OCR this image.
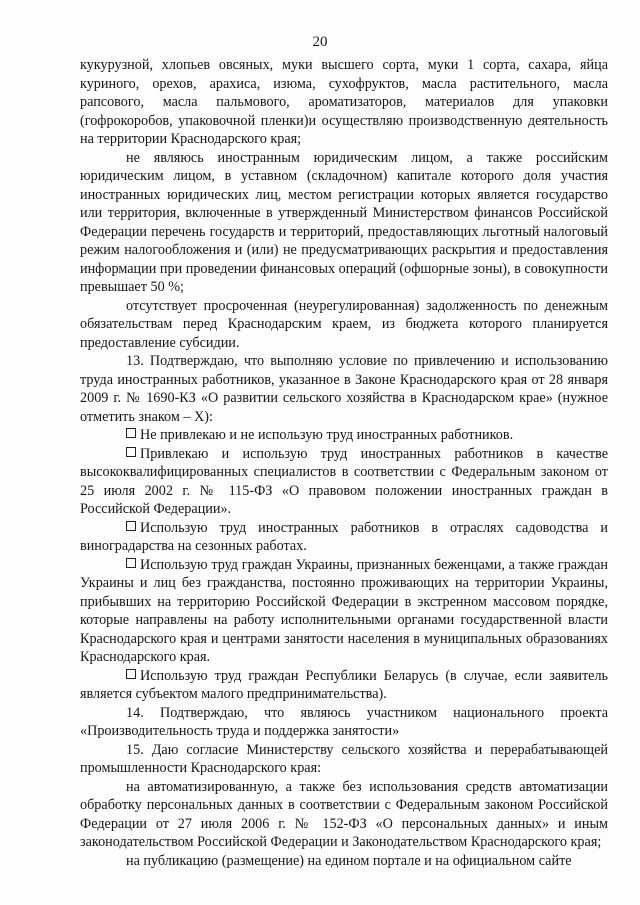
20

кукурузной, хлопьев овсяных, муки высшего сорта, муки 1 сорта, сахара, яйца куриного, орехов, арахиса, изюма, сухофруктов, масла растительного, масла рапсового, масла пальмового, ароматизаторов, материалов для упаковки (гофрокоробов, упаковочной пленки)и осуществляю производственную деятельность на территории Краснодарского края;

не являюсь иностранным юридическим лицом, а также российским юридическим лицом, в уставном (складочном) капитале которого доля участия иностранных юридических лиц, местом регистрации которых является государство или территория, включенные в утвержденный Министерством финансов Российской Федерации перечень государств и территорий, предоставляющих льготный налоговый режим налогообложения и (или) не предусматривающих раскрытия и предоставления информации при проведении финансовых операций (офшорные зоны), в совокупности превышает 50 %;

отсутствует просроченная (неурегулированная) задолженность по денежным обязательствам перед Краснодарским краем, из бюджета которого планируется предоставление субсидии.

13. Подтверждаю, что выполняю условие по привлечению и использованию труда иностранных работников, указанное в Законе Краснодарского края от 28 января 2009 г. № 1690-КЗ «О развитии сельского хозяйства в Краснодарском крае» (нужное отметить знаком – X):

Не привлекаю и не использую труд иностранных работников.

Привлекаю и использую труд иностранных работников в качестве высококвалифицированных специалистов в соответствии с Федеральным законом от 25 июля 2002 г. № 115-ФЗ «О правовом положении иностранных граждан в Российской Федерации».

Использую труд иностранных работников в отраслях садоводства и виноградарства на сезонных работах.

Использую труд граждан Украины, признанных беженцами, а также граждан Украины и лиц без гражданства, постоянно проживающих на территории Украины, прибывших на территорию Российской Федерации в экстренном массовом порядке, которые направлены на работу исполнительными органами государственной власти Краснодарского края и центрами занятости населения в муниципальных образованиях Краснодарского края.

Использую труд граждан Республики Беларусь (в случае, если заявитель является субъектом малого предпринимательства).

14. Подтверждаю, что являюсь участником национального проекта «Производительность труда и поддержка занятости»

15. Даю согласие Министерству сельского хозяйства и перерабатывающей промышленности Краснодарского края:

на автоматизированную, а также без использования средств автоматизации обработку персональных данных в соответствии с Федеральным законом Российской Федерации от 27 июля 2006 г. № 152-ФЗ «О персональных данных» и иным законодательством Российской Федерации и Законодательством Краснодарского края;

на публикацию (размещение) на едином портале и на официальном сайте
